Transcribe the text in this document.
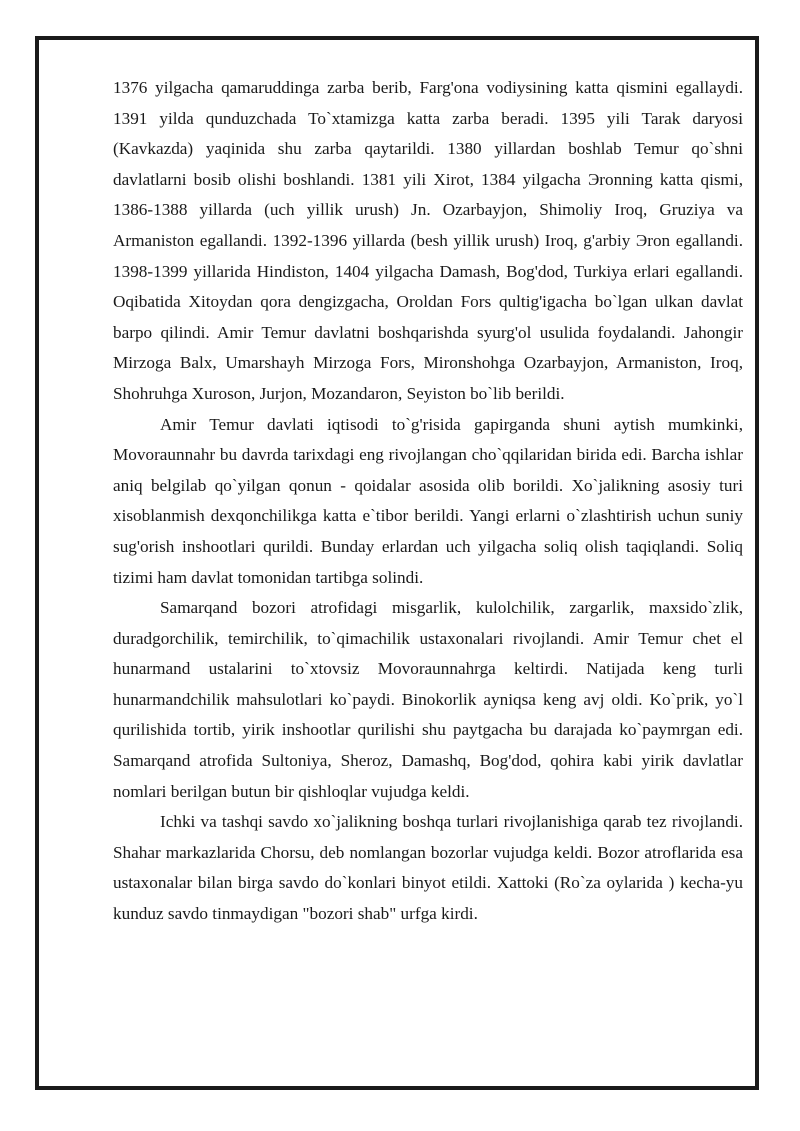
1376 yilgacha qamaruddinga zarba berib, Farg'ona vodiysining katta qismini egallaydi. 1391 yilda qunduzchada To`xtamizga katta zarba beradi. 1395 yili Tarak daryosi (Kavkazda) yaqinida shu zarba qaytarildi. 1380 yillardan boshlab Temur qo`shni davlatlarni bosib olishi boshlandi. 1381 yili Xirot, 1384 yilgacha Эronning katta qismi, 1386-1388 yillarda (uch yillik urush) Jn. Ozarbayjon, Shimoliy Iroq, Gruziya va Armaniston egallandi. 1392-1396 yillarda (besh yillik urush) Iroq, g'arbiy Эron egallandi. 1398-1399 yillarida Hindiston, 1404 yilgacha Damash, Bog'dod, Turkiya erlari egallandi. Oqibatida Xitoydan qora dengizgacha, Oroldan Fors qultig'igacha bo`lgan ulkan davlat barpo qilindi. Amir Temur davlatni boshqarishda syurg'ol usulida foydalandi. Jahongir Mirzoga Balx, Umarshayh Mirzoga Fors, Mironshohga Ozarbayjon, Armaniston, Iroq, Shohruhga Xuroson, Jurjon, Mozandaron, Seyiston bo`lib berildi.

Amir Temur davlati iqtisodi to`g'risida gapirganda shuni aytish mumkinki, Movoraunnahr bu davrda tarixdagi eng rivojlangan cho`qqilaridan birida edi. Barcha ishlar aniq belgilab qo`yilgan qonun - qoidalar asosida olib borildi. Xo`jalikning asosiy turi xisoblanmish dexqonchilikga katta e`tibor berildi. Yangi erlarni o`zlashtirish uchun suniy sug'orish inshootlari qurildi. Bunday erlardan uch yilgacha soliq olish taqiqlandi. Soliq tizimi ham davlat tomonidan tartibga solindi.

Samarqand bozori atrofidagi misgarlik, kulolchilik, zargarlik, maxsido`zlik, duradgorchilik, temirchilik, to`qimachilik ustaxonalari rivojlandi. Amir Temur chet el hunarmand ustalarini to`xtovsiz Movoraunnahrga keltirdi. Natijada keng turli hunarmandchilik mahsulotlari ko`paydi. Binokorlik ayniqsa keng avj oldi. Ko`prik, yo`l qurilishida tortib, yirik inshootlar qurilishi shu paytgacha bu darajada ko`paymrgan edi. Samarqand atrofida Sultoniya, Sheroz, Damashq, Bog'dod, qohira kabi yirik davlatlar nomlari berilgan butun bir qishloqlar vujudga keldi.

Ichki va tashqi savdo xo`jalikning boshqa turlari rivojlanishiga qarab tez rivojlandi. Shahar markazlarida Chorsu, deb nomlangan bozorlar vujudga keldi. Bozor atroflarida esa ustaxonalar bilan birga savdo do`konlari binyot etildi. Xattoki (Ro`za oylarida ) kecha-yu kunduz savdo tinmaydigan "bozori shab" urfga kirdi.
